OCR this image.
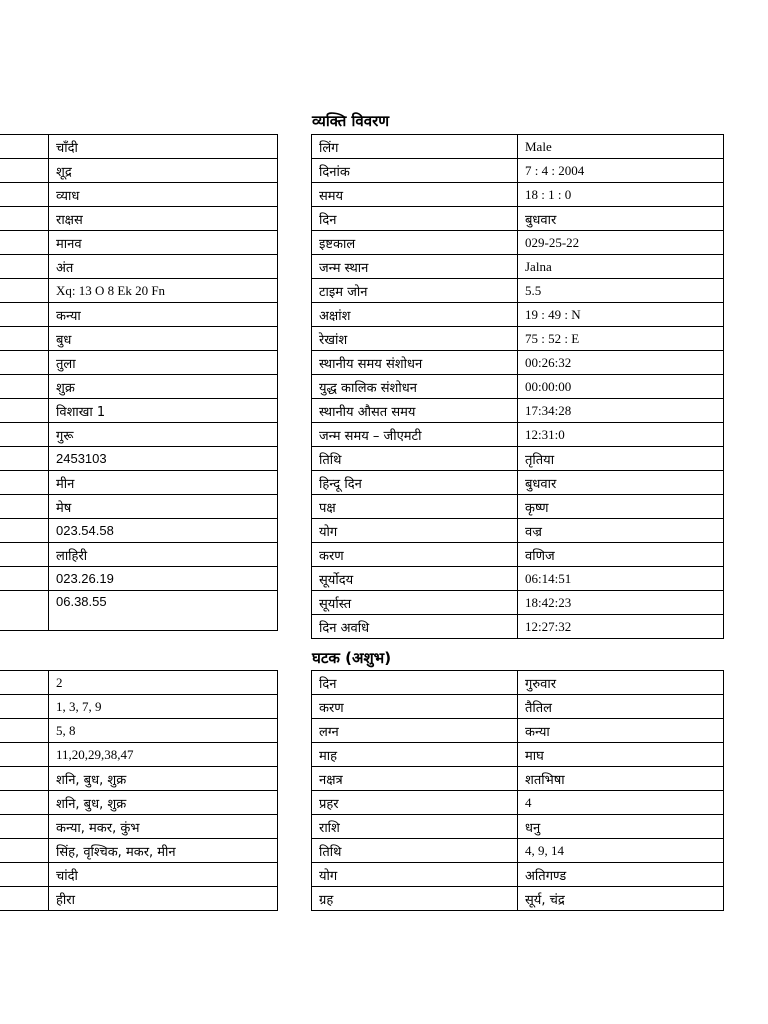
	चाँदी
	शूद्र
	व्याध
	राक्षस
	मानव
	अंत
	Xq: 13 O 8 Ek 20 Fn
	कन्या
	बुध
	तुला
	शुक्र
	विशाखा 1
	गुरू
	2453103
	मीन
	मेष
	023.54.58
	लाहिरी
	023.26.19
	06.38.55
व्यक्ति विवरण
लिंग	Male
दिनांक	7 : 4 : 2004
समय	18 : 1 : 0
दिन	बुधवार
इष्टकाल	029-25-22
जन्म स्थान	Jalna
टाइम जोन	5.5
अक्षांश	19 : 49 : N
रेखांश	75 : 52 : E
स्थानीय समय संशोधन	00:26:32
युद्ध कालिक संशोधन	00:00:00
स्थानीय औसत समय	17:34:28
जन्म समय – जीएमटी	12:31:0
तिथि	तृतिया
हिन्दू दिन	बुधवार
पक्ष	कृष्ण
योग	वज्र
करण	वणिज
सूर्योदय	06:14:51
सूर्यास्त	18:42:23
दिन अवधि	12:27:32
	2
	1, 3, 7, 9
	5, 8
	11,20,29,38,47
	शनि, बुध, शुक्र
	शनि, बुध, शुक्र
	कन्या, मकर, कुंभ
	सिंह, वृश्चिक, मकर, मीन
	चांदी
	हीरा
घटक (अशुभ)
दिन	गुरुवार
करण	तैतिल
लग्न	कन्या
माह	माघ
नक्षत्र	शतभिषा
प्रहर	4
राशि	धनु
तिथि	4, 9, 14
योग	अतिगण्ड
ग्रह	सूर्य, चंद्र
